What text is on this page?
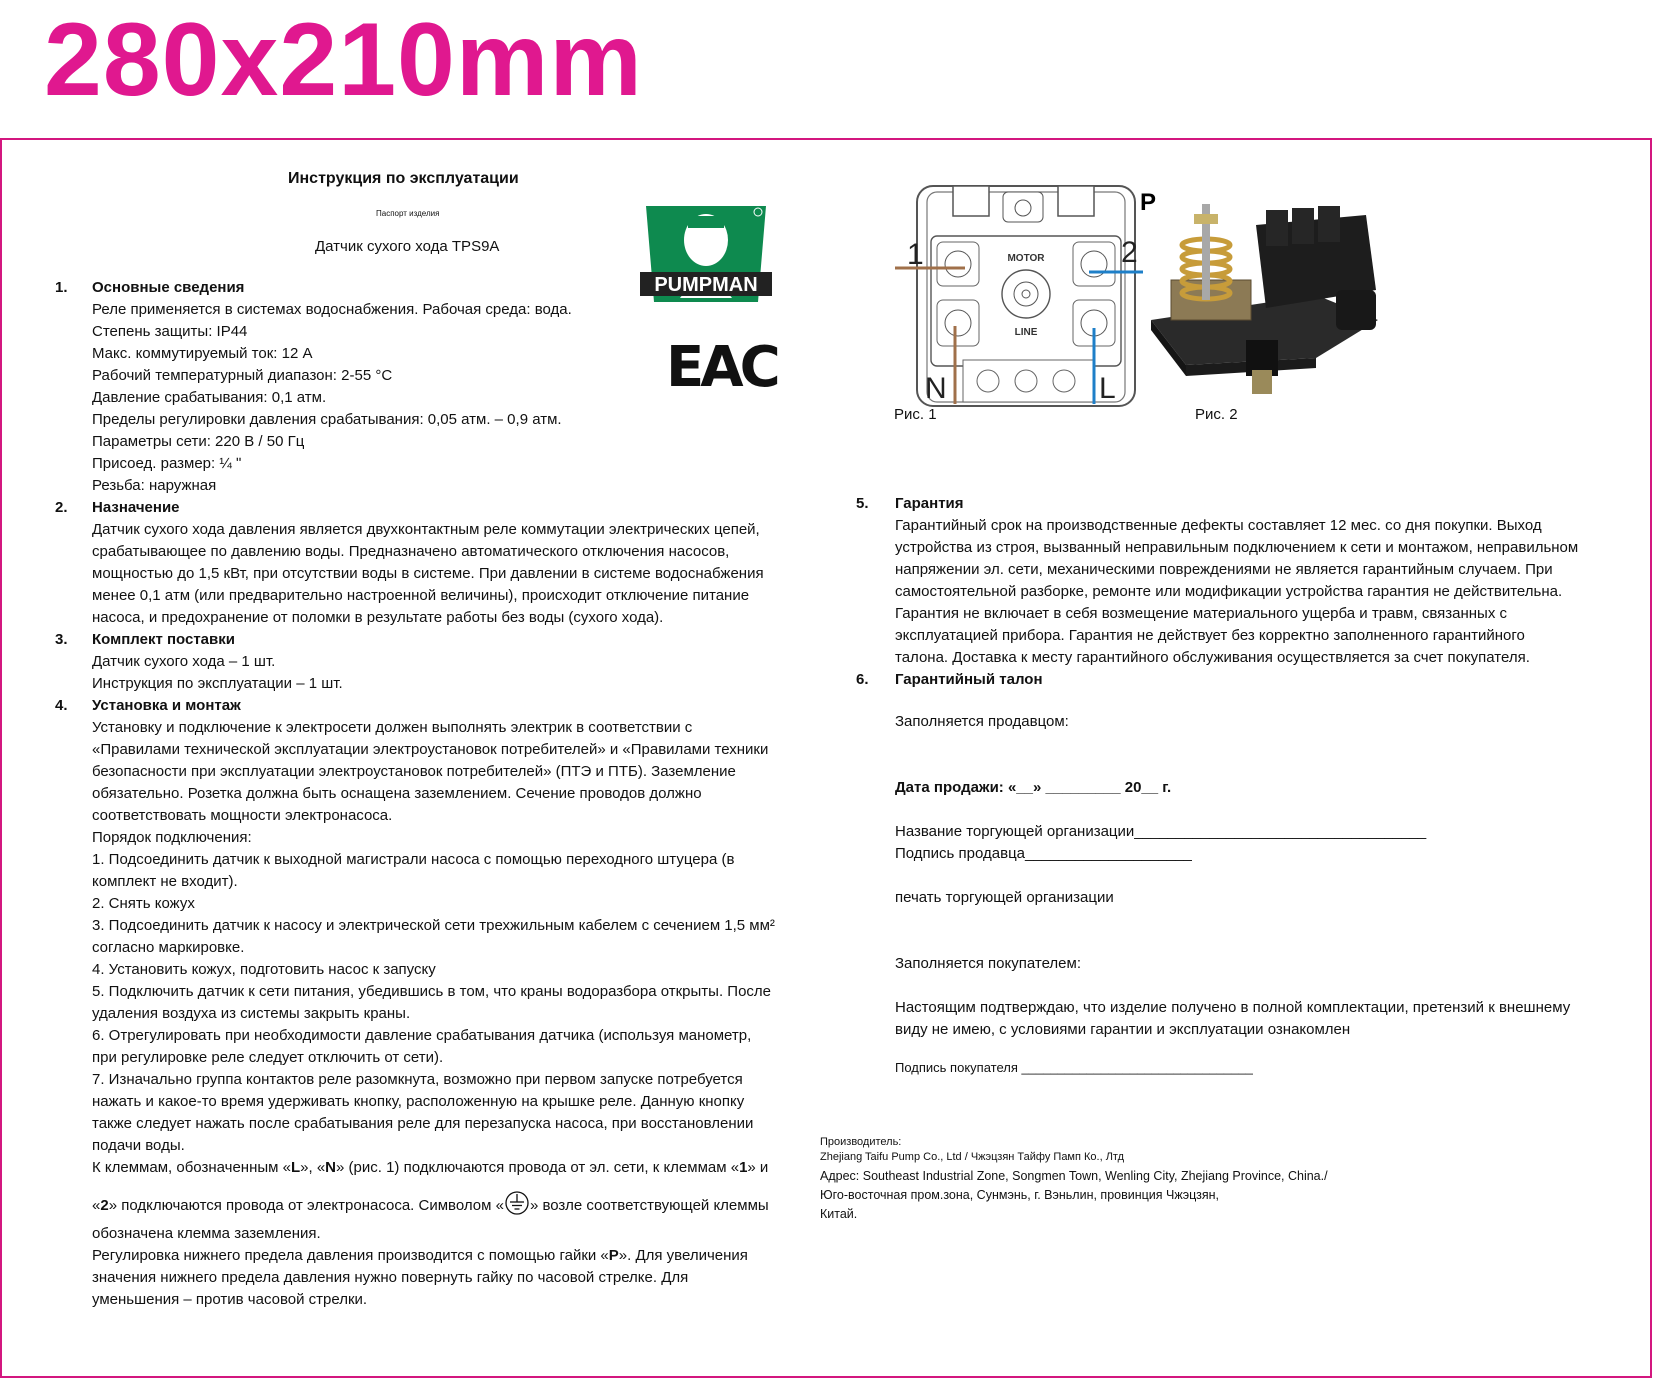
280x210mm
Инструкция по эксплуатации
Паспорт изделия
Датчик сухого хода TPS9A
PUMPMAN
EAC
1. Основные сведения
Реле применяется в системах водоснабжения. Рабочая среда: вода.
Степень защиты: IP44
Макс. коммутируемый ток: 12 А
Рабочий температурный диапазон: 2-55 °С
Давление срабатывания: 0,1 атм.
Пределы регулировки давления срабатывания: 0,05 атм. – 0,9 атм.
Параметры сети: 220 В / 50 Гц
Присоед. размер: ¼ ʺ
Резьба: наружная
2. Назначение
Датчик сухого хода давления является двухконтактным реле коммутации электрических цепей,
срабатывающее по давлению воды. Предназначено автоматического отключения насосов,
мощностью до 1,5 кВт, при отсутствии воды в системе. При давлении в системе водоснабжения
менее 0,1 атм (или предварительно настроенной величины), происходит отключение питание
насоса, и предохранение от поломки в результате работы без воды (сухого хода).
3. Комплект поставки
Датчик сухого хода – 1 шт.
Инструкция по эксплуатации – 1 шт.
4. Установка и монтаж
Установку и подключение к электросети должен выполнять электрик в соответствии с
«Правилами технической эксплуатации электроустановок потребителей» и «Правилами техники
безопасности при эксплуатации электроустановок потребителей» (ПТЭ и ПТБ). Заземление
обязательно. Розетка должна быть оснащена заземлением. Сечение проводов должно
соответствовать мощности электронасоса.
Порядок подключения:
1. Подсоединить датчик к выходной магистрали насоса с помощью переходного штуцера (в
комплект не входит).
2. Снять кожух
3. Подсоединить датчик к насосу и электрической сети трехжильным кабелем с сечением 1,5 мм²
согласно маркировке.
4. Установить кожух, подготовить насос к запуску
5. Подключить датчик к сети питания, убедившись в том, что краны водоразбора открыты. После
удаления воздуха из системы закрыть краны.
6. Отрегулировать при необходимости давление срабатывания датчика (используя манометр,
при регулировке реле следует отключить от сети).
7. Изначально группа контактов реле разомкнута, возможно при первом запуске потребуется
нажать и какое-то время удерживать кнопку, расположенную на крышке реле. Данную кнопку
также следует нажать после срабатывания реле для перезапуска насоса, при восстановлении
подачи воды.
К клеммам, обозначенным «L», «N» (рис. 1) подключаются провода от эл. сети, к клеммам «1» и
«2» подключаются провода от электронасоса. Символом « » возле соответствующей клеммы
обозначена клемма заземления.
Регулировка нижнего предела давления производится с помощью гайки «P». Для увеличения
значения нижнего предела давления нужно повернуть гайку по часовой стрелке. Для
уменьшения – против часовой стрелки.
MOTOR
LINE
1	2
N	L
Рис. 1
P
Рис. 2
5. Гарантия
Гарантийный срок на производственные дефекты составляет 12 мес. со дня покупки. Выход
устройства из строя, вызванный неправильным подключением к сети и монтажом, неправильном
напряжении эл. сети, механическими повреждениями не является гарантийным случаем. При
самостоятельной разборке, ремонте или модификации устройства гарантия не действительна.
Гарантия не включает в себя возмещение материального ущерба и травм, связанных с
эксплуатацией прибора. Гарантия не действует без корректно заполненного гарантийного
талона. Доставка к месту гарантийного обслуживания осуществляется за счет покупателя.
6. Гарантийный талон
Заполняется продавцом:
Дата продажи: «__» _________ 20__ г.
Название торгующей организации___________________________________
Подпись продавца____________________
печать торгующей организации
Заполняется покупателем:
Настоящим подтверждаю, что изделие получено в полной комплектации, претензий к внешнему
виду не имею, с условиями гарантии и эксплуатации ознакомлен
Подпись покупателя ________________________________
Производитель:
Zhejiang Taifu Pump Co., Ltd / Чжэцзян Тайфу Памп Ко., Лтд
Адрес: Southeast Industrial Zone, Songmen Town, Wenling City, Zhejiang Province, China./
Юго-восточная пром.зона, Сунмэнь, г. Вэньлин, провинция Чжэцзян,
Китай.
